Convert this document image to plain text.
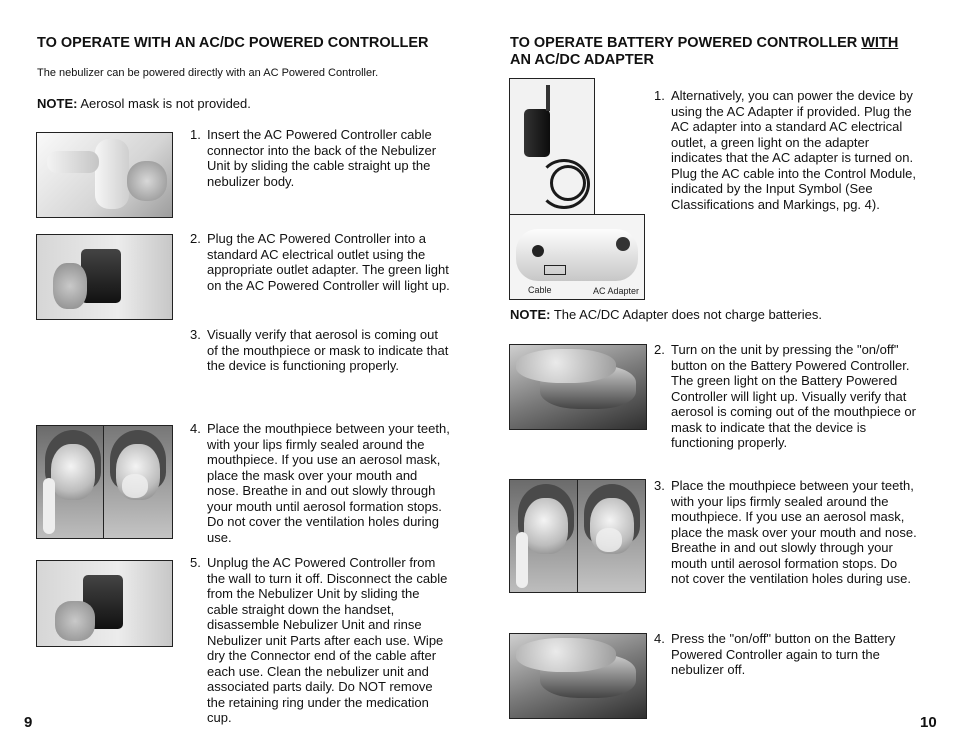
TO OPERATE WITH AN AC/DC POWERED CONTROLLER
The nebulizer can be powered directly with an AC Powered Controller.
NOTE: Aerosol mask is not provided.
1. Insert the AC Powered Controller cable connector into the back of the Nebulizer Unit by sliding the cable straight up the nebulizer body.
2. Plug the AC Powered Controller into a standard AC electrical outlet using the appropriate outlet adapter. The green light on the AC Powered Controller will light up.
3. Visually verify that aerosol is coming out of the mouthpiece or mask to indicate that the device is functioning properly.
4. Place the mouthpiece between your teeth, with your lips firmly sealed around the mouthpiece. If you use an aerosol mask, place the mask over your mouth and nose. Breathe in and out slowly through your mouth until aerosol formation stops. Do not cover the ventilation holes during use.
5. Unplug the AC Powered Controller from the wall to turn it off. Disconnect the cable from the Nebulizer Unit by sliding the cable straight down the handset, disassemble Nebulizer Unit and rinse Nebulizer unit Parts after each use. Wipe dry the Connector end of the cable after each use. Clean the nebulizer unit and associated parts daily. Do NOT remove the retaining ring under the medication cup.
9
TO OPERATE BATTERY POWERED CONTROLLER WITH
AN AC/DC ADAPTER
Cable	AC Adapter
1. Alternatively, you can power the device by using the AC Adapter if provided. Plug the AC adapter into a standard AC electrical outlet, a green light on the adapter indicates that the AC adapter is turned on. Plug the AC cable into the Control Module, indicated by the Input Symbol (See Classifications and Markings, pg. 4).
NOTE: The AC/DC Adapter does not charge batteries.
2. Turn on the unit by pressing the "on/off" button on the Battery Powered Controller. The green light on the Battery Powered Controller will light up. Visually verify that aerosol is coming out of the mouthpiece or mask to indicate that the device is functioning properly.
3. Place the mouthpiece between your teeth, with your lips firmly sealed around the mouthpiece. If you use an aerosol mask, place the mask over your mouth and nose. Breathe in and out slowly through your mouth until aerosol formation stops. Do not cover the ventilation holes during use.
4. Press the "on/off" button on the Battery Powered Controller again to turn the nebulizer off.
10
